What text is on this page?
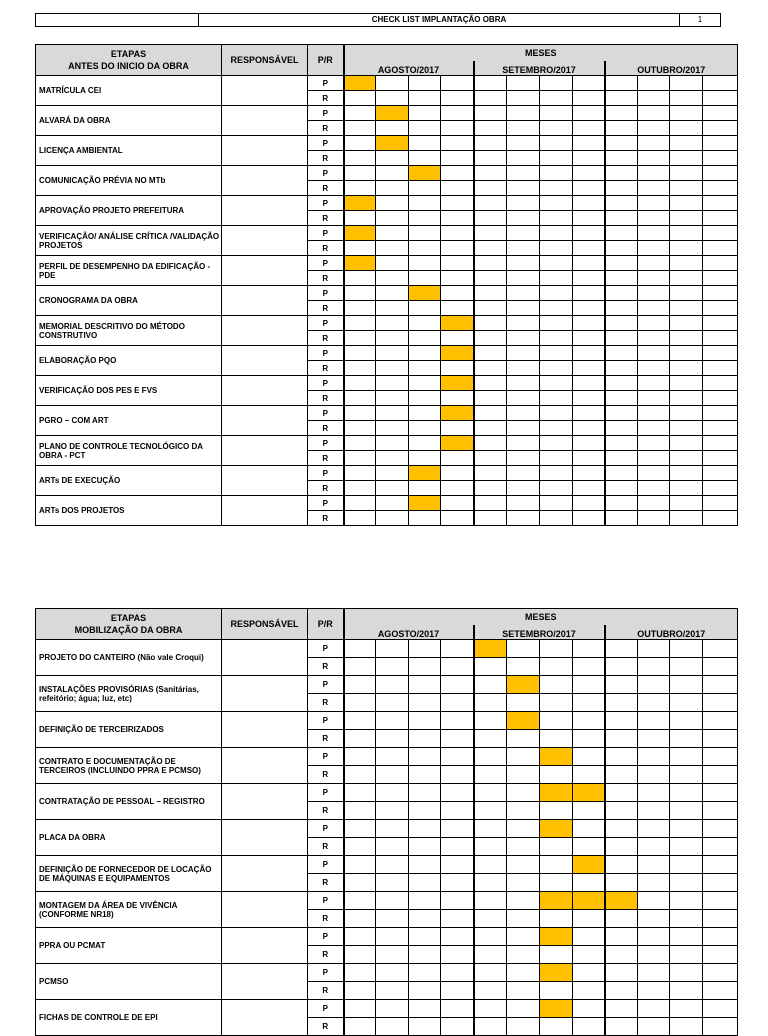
CHECK LIST IMPLANTAÇÃO OBRA	1
ETAPAS
ANTES DO INICIO DA OBRA	RESPONSÁVEL	P/R	MESES											
			AGOSTO/2017				SETEMBRO/2017				OUTUBRO/2017			
MATRÍCULA CEI		P												
		R												
ALVARÁ DA OBRA		P												
		R												
LICENÇA AMBIENTAL		P												
		R												
COMUNICAÇÃO PRÉVIA NO MTb		P												
		R												
APROVAÇÃO PROJETO PREFEITURA		P												
		R												
VERIFICAÇÃO/ ANÁLISE CRÍTICA /VALIDAÇÃO PROJETOS		P												
		R												
PERFIL DE DESEMPENHO DA EDIFICAÇÃO - PDE		P												
		R												
CRONOGRAMA DA OBRA		P												
		R												
MEMORIAL DESCRITIVO DO MÉTODO CONSTRUTIVO		P												
		R												
ELABORAÇÃO PQO		P												
		R												
VERIFICAÇÃO DOS PES E FVS		P												
		R												
PGRO – COM ART		P												
		R												
PLANO DE CONTROLE TECNOLÓGICO DA OBRA - PCT		P												
		R												
ARTs DE EXECUÇÃO		P												
		R												
ARTs DOS PROJETOS		P												
		R												
ETAPAS
MOBILIZAÇÃO DA OBRA	RESPONSÁVEL	P/R	MESES											
			AGOSTO/2017				SETEMBRO/2017				OUTUBRO/2017			
PROJETO DO CANTEIRO (Não vale Croqui)		P												
		R												
INSTALAÇÕES PROVISÓRIAS (Sanitárias, refeitório; água; luz, etc)		P												
		R												
DEFINIÇÃO DE TERCEIRIZADOS		P												
		R												
CONTRATO E DOCUMENTAÇÃO DE TERCEIROS (INCLUINDO PPRA E PCMSO)		P												
		R												
CONTRATAÇÃO DE PESSOAL – REGISTRO		P												
		R												
PLACA DA OBRA		P												
		R												
DEFINIÇÃO DE FORNECEDOR DE LOCAÇÃO DE MÁQUINAS E EQUIPAMENTOS		P												
		R												
MONTAGEM DA ÁREA DE VIVÊNCIA (CONFORME NR18)		P												
		R												
PPRA OU PCMAT		P												
		R												
PCMSO		P												
		R												
FICHAS DE CONTROLE DE EPI		P												
		R												
